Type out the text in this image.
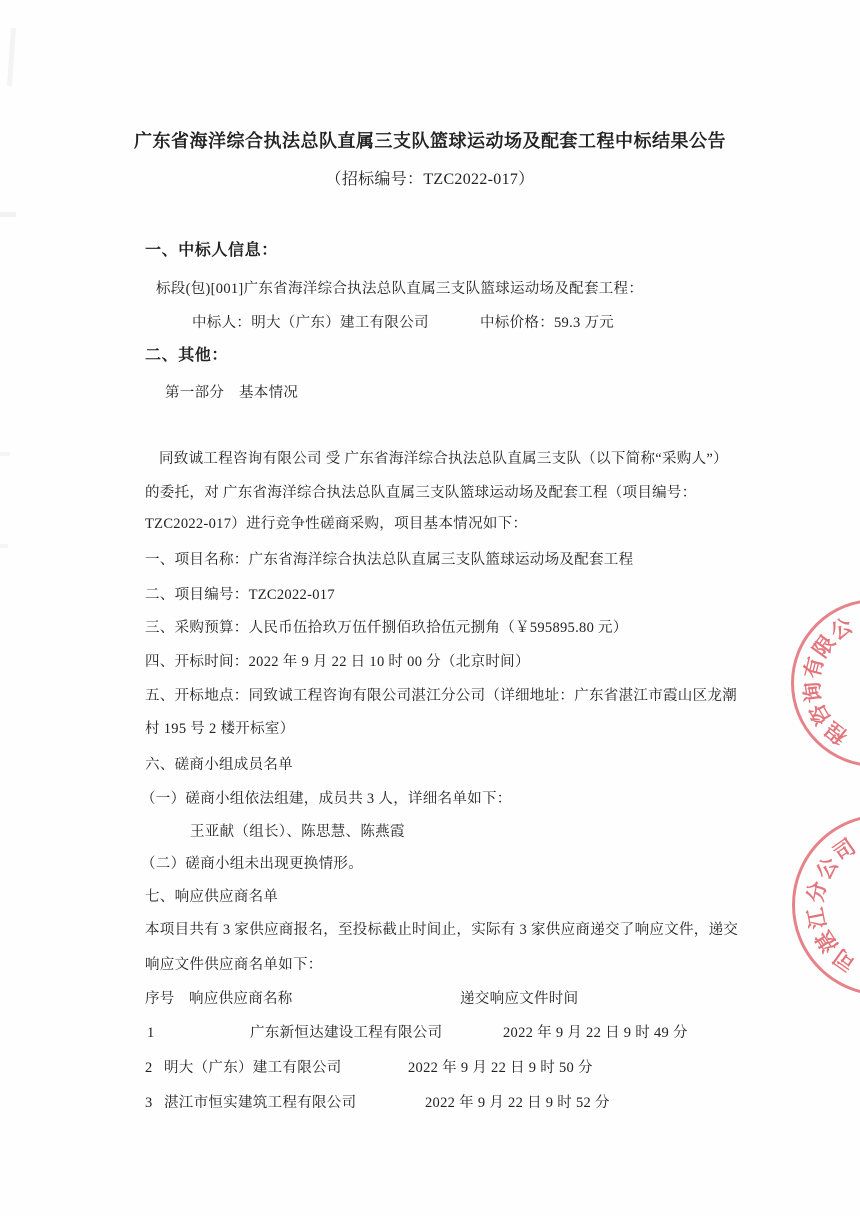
广东省海洋综合执法总队直属三支队篮球运动场及配套工程中标结果公告
（招标编号：TZC2022-017）
一、中标人信息：
标段(包)[001]广东省海洋综合执法总队直属三支队篮球运动场及配套工程：
中标人：明大（广东）建工有限公司	中标价格：59.3 万元
二、其他：
第一部分　基本情况
同致诚工程咨询有限公司 受 广东省海洋综合执法总队直属三支队（以下简称“采购人”）
的委托，对 广东省海洋综合执法总队直属三支队篮球运动场及配套工程（项目编号：
TZC2022-017）进行竞争性磋商采购，项目基本情况如下：
一、项目名称：广东省海洋综合执法总队直属三支队篮球运动场及配套工程
二、项目编号：TZC2022-017
三、采购预算：人民币伍拾玖万伍仟捌佰玖拾伍元捌角（￥595895.80 元）
四、开标时间：2022 年 9 月 22 日 10 时 00 分（北京时间）
五、开标地点：同致诚工程咨询有限公司湛江分公司（详细地址：广东省湛江市霞山区龙潮
村 195 号 2 楼开标室）
六、磋商小组成员名单
（一）磋商小组依法组建，成员共 3 人，详细名单如下：
王亚献（组长）、陈思慧、陈燕霞
（二）磋商小组未出现更换情形。
七、响应供应商名单
本项目共有 3 家供应商报名，至投标截止时间止，实际有 3 家供应商递交了响应文件，递交
响应文件供应商名单如下：
序号 响应供应商名称	递交响应文件时间
1	广东新恒达建设工程有限公司	2022 年 9 月 22 日 9 时 49 分
2 明大（广东）建工有限公司	2022 年 9 月 22 日 9 时 50 分
3 湛江市恒实建筑工程有限公司	2022 年 9 月 22 日 9 时 52 分
程
咨
询
有
限
公
司
湛
江
分
公
司
